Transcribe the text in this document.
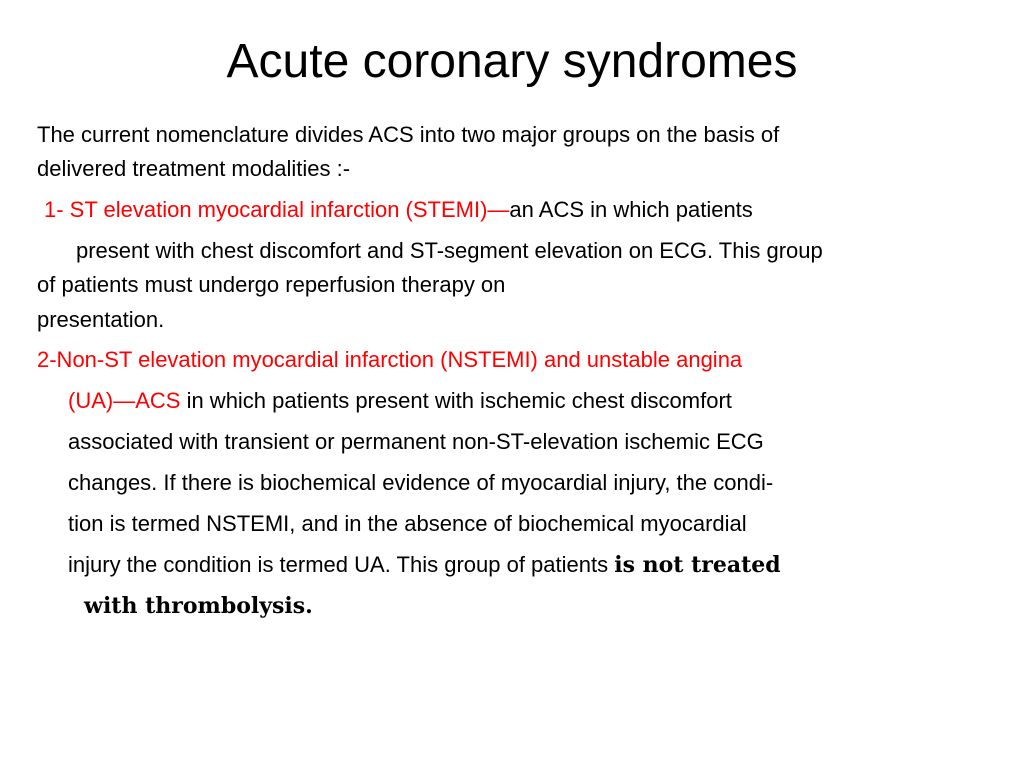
Acute coronary syndromes
The current nomenclature divides ACS into two major groups on the basis of
delivered treatment modalities :-
1- ST elevation myocardial infarction (STEMI)—an ACS in which patients
present with chest discomfort and ST-segment elevation on ECG. This group
of patients must undergo reperfusion therapy on
presentation.
2-Non-ST elevation myocardial infarction (NSTEMI) and unstable angina
(UA)—ACS in which patients present with ischemic chest discomfort
associated with transient or permanent non-ST-elevation ischemic ECG
changes. If there is biochemical evidence of myocardial injury, the condi-
tion is termed NSTEMI, and in the absence of biochemical myocardial
injury the condition is termed UA. This group of patients is not treated
with thrombolysis.
